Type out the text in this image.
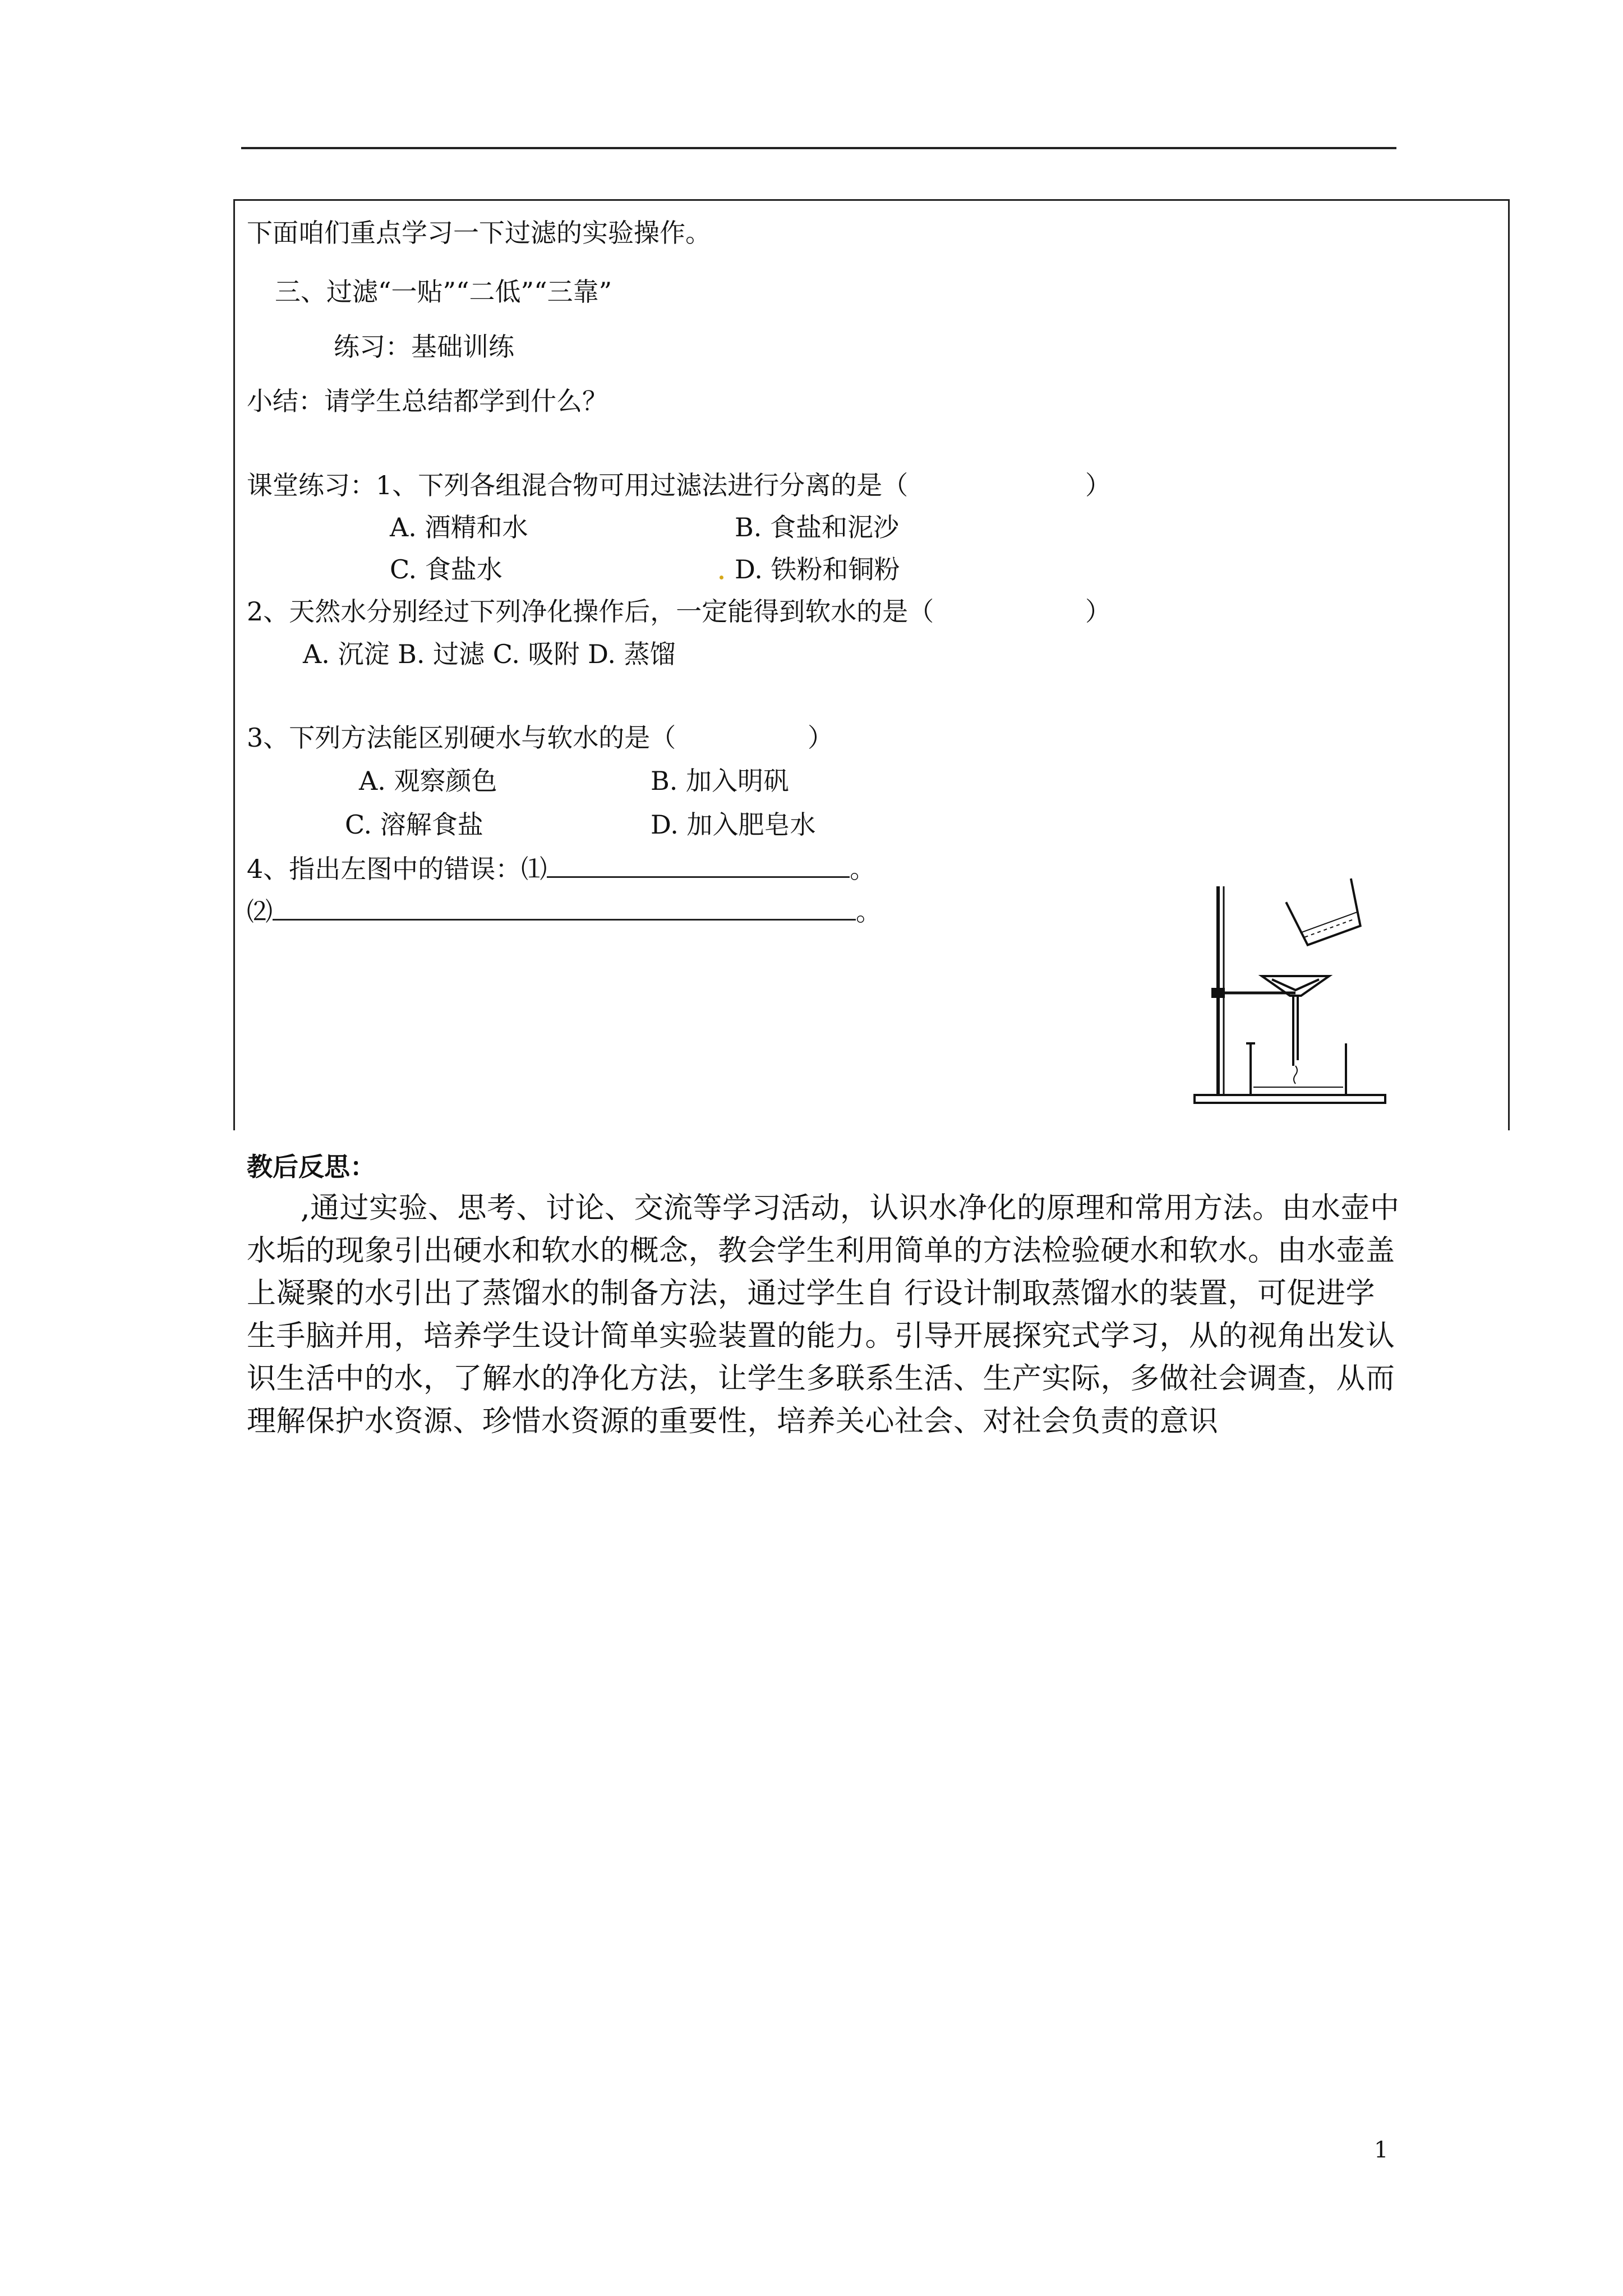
下面咱们重点学习一下过滤的实验操作。
三、过滤“一贴”“二低”“三靠”
练习：基础训练
小结：请学生总结都学到什么？
课堂练习：1、下列各组混合物可用过滤法进行分离的是（	）
A. 酒精和水	B. 食盐和泥沙
C. 食盐水	D. 铁粉和铜粉
2、天然水分别经过下列净化操作后，一定能得到软水的是（	）
A. 沉淀 B. 过滤 C. 吸附 D. 蒸馏
3、下列方法能区别硬水与软水的是（	）
A. 观察颜色	B. 加入明矾
C. 溶解食盐	D. 加入肥皂水
4、指出左图中的错误：⑴	。
⑵	。
教后反思：
,通过实验、思考、讨论、交流等学习活动，认识水净化的原理和常用方法。由水壶中水垢的现象引出硬水和软水的概念，教会学生利用简单的方法检验硬水和软水。由水壶盖上凝聚的水引出了蒸馏水的制备方法，通过学生自 行设计制取蒸馏水的装置，可促进学生手脑并用，培养学生设计简单实验装置的能力。引导开展探究式学习，从的视角出发认识生活中的水，了解水的净化方法，让学生多联系生活、生产实际，多做社会调查，从而理解保护水资源、珍惜水资源的重要性，培养关心社会、对社会负责的意识
1
